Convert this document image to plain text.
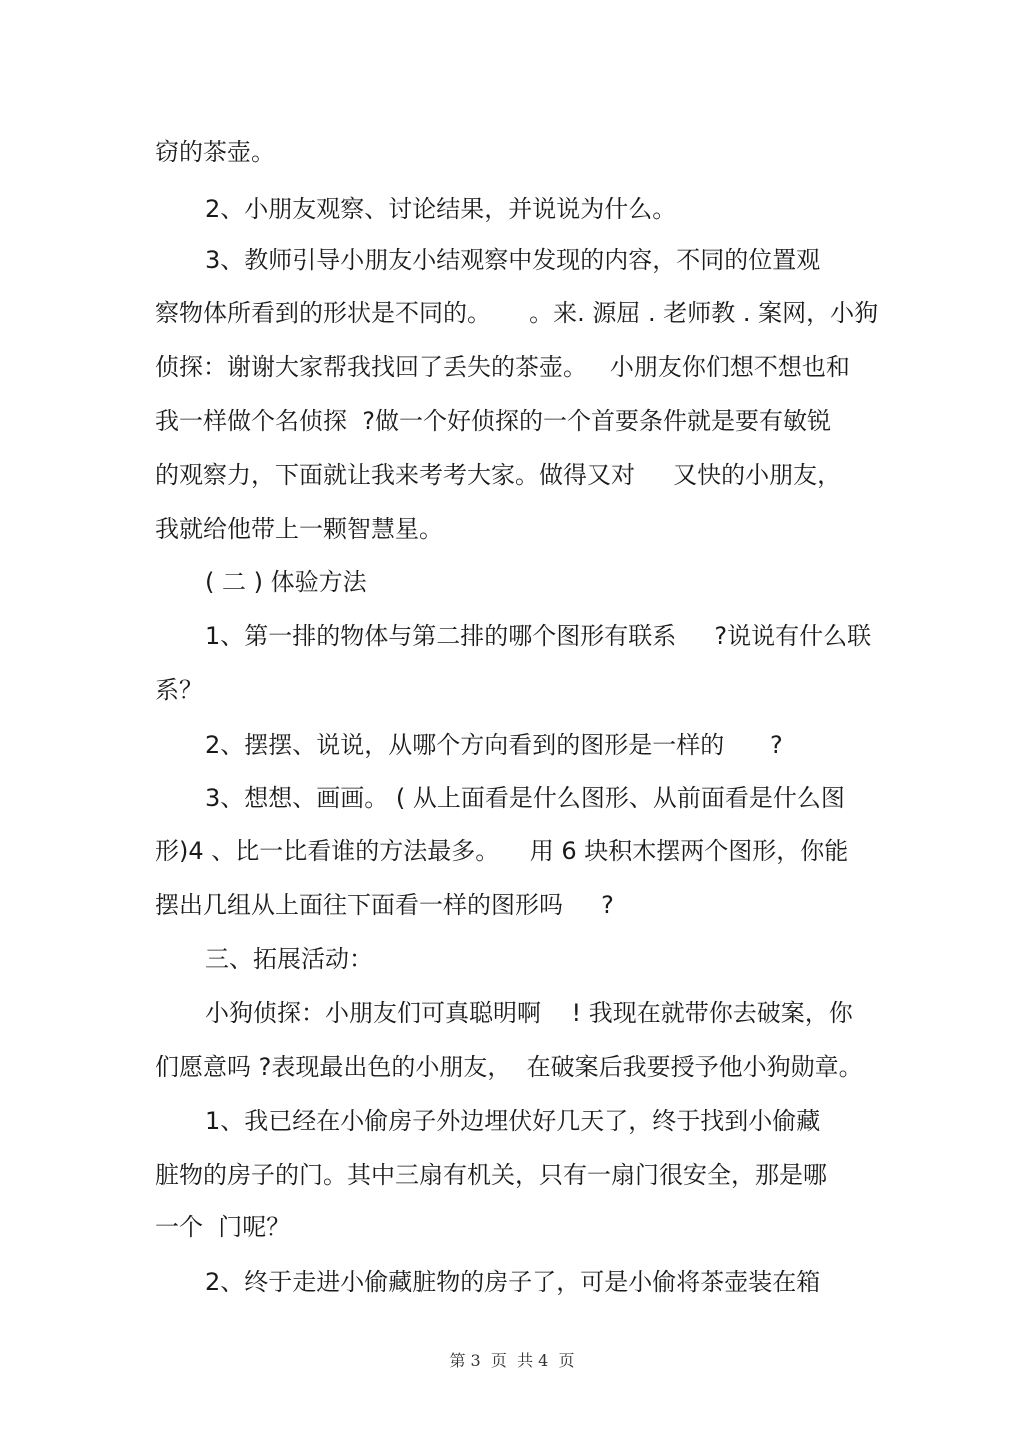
窃的茶壶。
2、小朋友观察、讨论结果，并说说为什么。
3、教师引导小朋友小结观察中发现的内容，不同的位置观
察物体所看到的形状是不同的。     。来. 源屈 . 老师教 . 案网，小狗
侦探：谢谢大家帮我找回了丢失的茶壶。   小朋友你们想不想也和
我一样做个名侦探  ?做一个好侦探的一个首要条件就是要有敏锐
的观察力，下面就让我来考考大家。做得又对     又快的小朋友，
我就给他带上一颗智慧星。
( 二 ) 体验方法
1、第一排的物体与第二排的哪个图形有联系     ?说说有什么联
系？
2、摆摆、说说，从哪个方向看到的图形是一样的      ?
3、想想、画画。 ( 从上面看是什么图形、从前面看是什么图
形)4 、比一比看谁的方法最多。    用 6 块积木摆两个图形，你能
摆出几组从上面往下面看一样的图形吗     ?
三、拓展活动：
小狗侦探：小朋友们可真聪明啊    ! 我现在就带你去破案，你
们愿意吗 ?表现最出色的小朋友，  在破案后我要授予他小狗勋章。
1、我已经在小偷房子外边埋伏好几天了，终于找到小偷藏
脏物的房子的门。其中三扇有机关，只有一扇门很安全，那是哪
一个  门呢？
2、终于走进小偷藏脏物的房子了，可是小偷将茶壶装在箱
第 3  页  共 4  页
